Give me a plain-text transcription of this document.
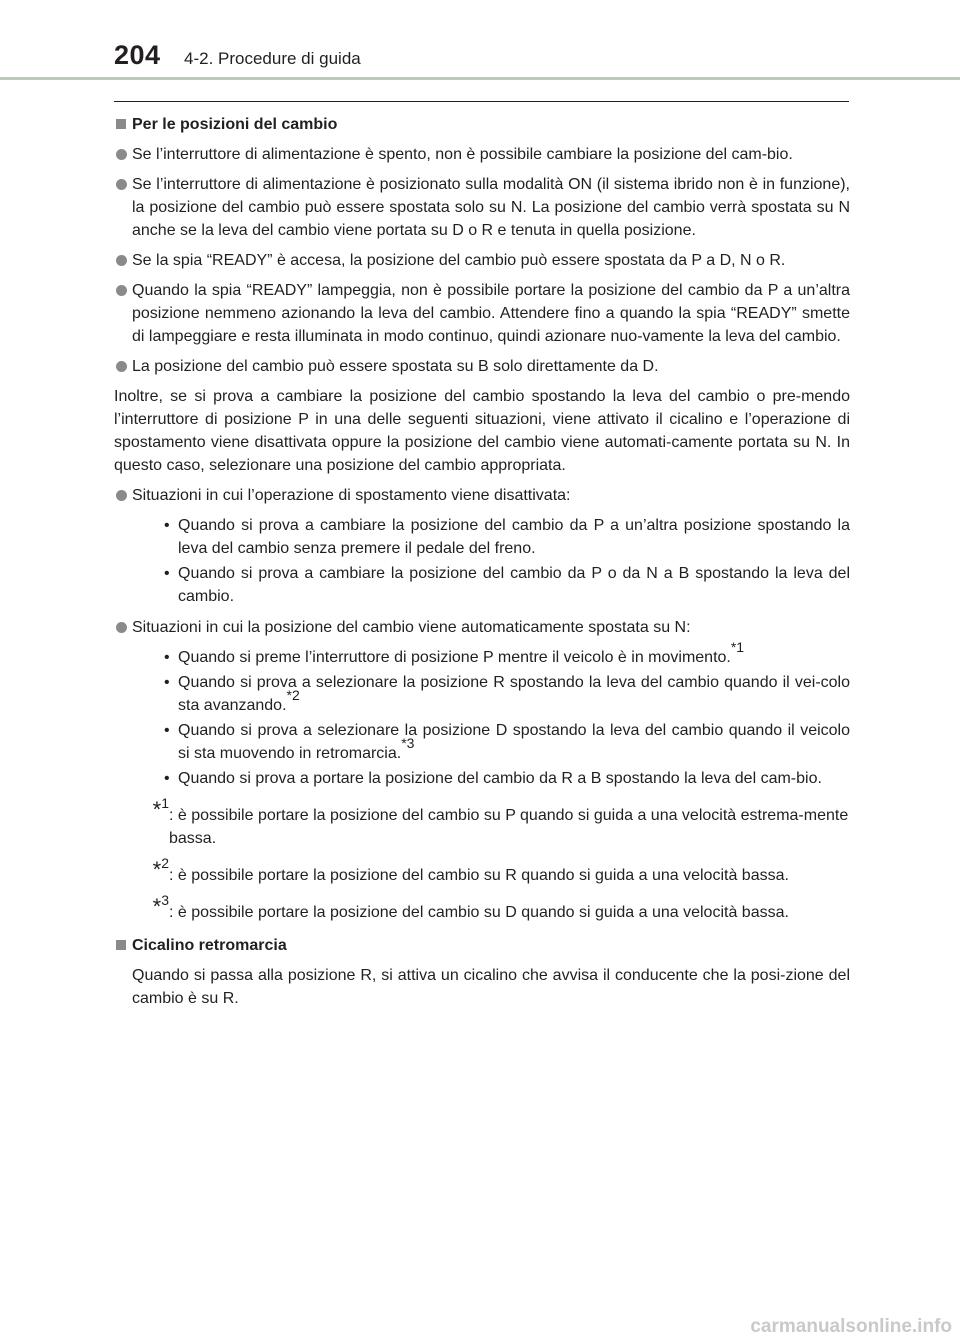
204 4-2. Procedure di guida
Per le posizioni del cambio
Se l’interruttore di alimentazione è spento, non è possibile cambiare la posizione del cam-bio.
Se l’interruttore di alimentazione è posizionato sulla modalità ON (il sistema ibrido non è in funzione), la posizione del cambio può essere spostata solo su N. La posizione del cambio verrà spostata su N anche se la leva del cambio viene portata su D o R e tenuta in quella posizione.
Se la spia “READY” è accesa, la posizione del cambio può essere spostata da P a D, N o R.
Quando la spia “READY” lampeggia, non è possibile portare la posizione del cambio da P a un’altra posizione nemmeno azionando la leva del cambio. Attendere fino a quando la spia “READY” smette di lampeggiare e resta illuminata in modo continuo, quindi azionare nuo-vamente la leva del cambio.
La posizione del cambio può essere spostata su B solo direttamente da D.
Inoltre, se si prova a cambiare la posizione del cambio spostando la leva del cambio o pre-mendo l’interruttore di posizione P in una delle seguenti situazioni, viene attivato il cicalino e l’operazione di spostamento viene disattivata oppure la posizione del cambio viene automati-camente portata su N. In questo caso, selezionare una posizione del cambio appropriata.
Situazioni in cui l’operazione di spostamento viene disattivata:
• Quando si prova a cambiare la posizione del cambio da P a un’altra posizione spostando la leva del cambio senza premere il pedale del freno.
• Quando si prova a cambiare la posizione del cambio da P o da N a B spostando la leva del cambio.
Situazioni in cui la posizione del cambio viene automaticamente spostata su N:
• Quando si preme l’interruttore di posizione P mentre il veicolo è in movimento.$^{*1}$
• Quando si prova a selezionare la posizione R spostando la leva del cambio quando il vei-colo sta avanzando.$^{*2}$
• Quando si prova a selezionare la posizione D spostando la leva del cambio quando il veicolo si sta muovendo in retromarcia.$^{*3}$
• Quando si prova a portare la posizione del cambio da R a B spostando la leva del cam-bio.
*1
: è possibile portare la posizione del cambio su P quando si guida a una velocità estrema-mente bassa.
*2
: è possibile portare la posizione del cambio su R quando si guida a una velocità bassa.
*3
: è possibile portare la posizione del cambio su D quando si guida a una velocità bassa.
Cicalino retromarcia
Quando si passa alla posizione R, si attiva un cicalino che avvisa il conducente che la posi-zione del cambio è su R.
carmanualsonline.info
